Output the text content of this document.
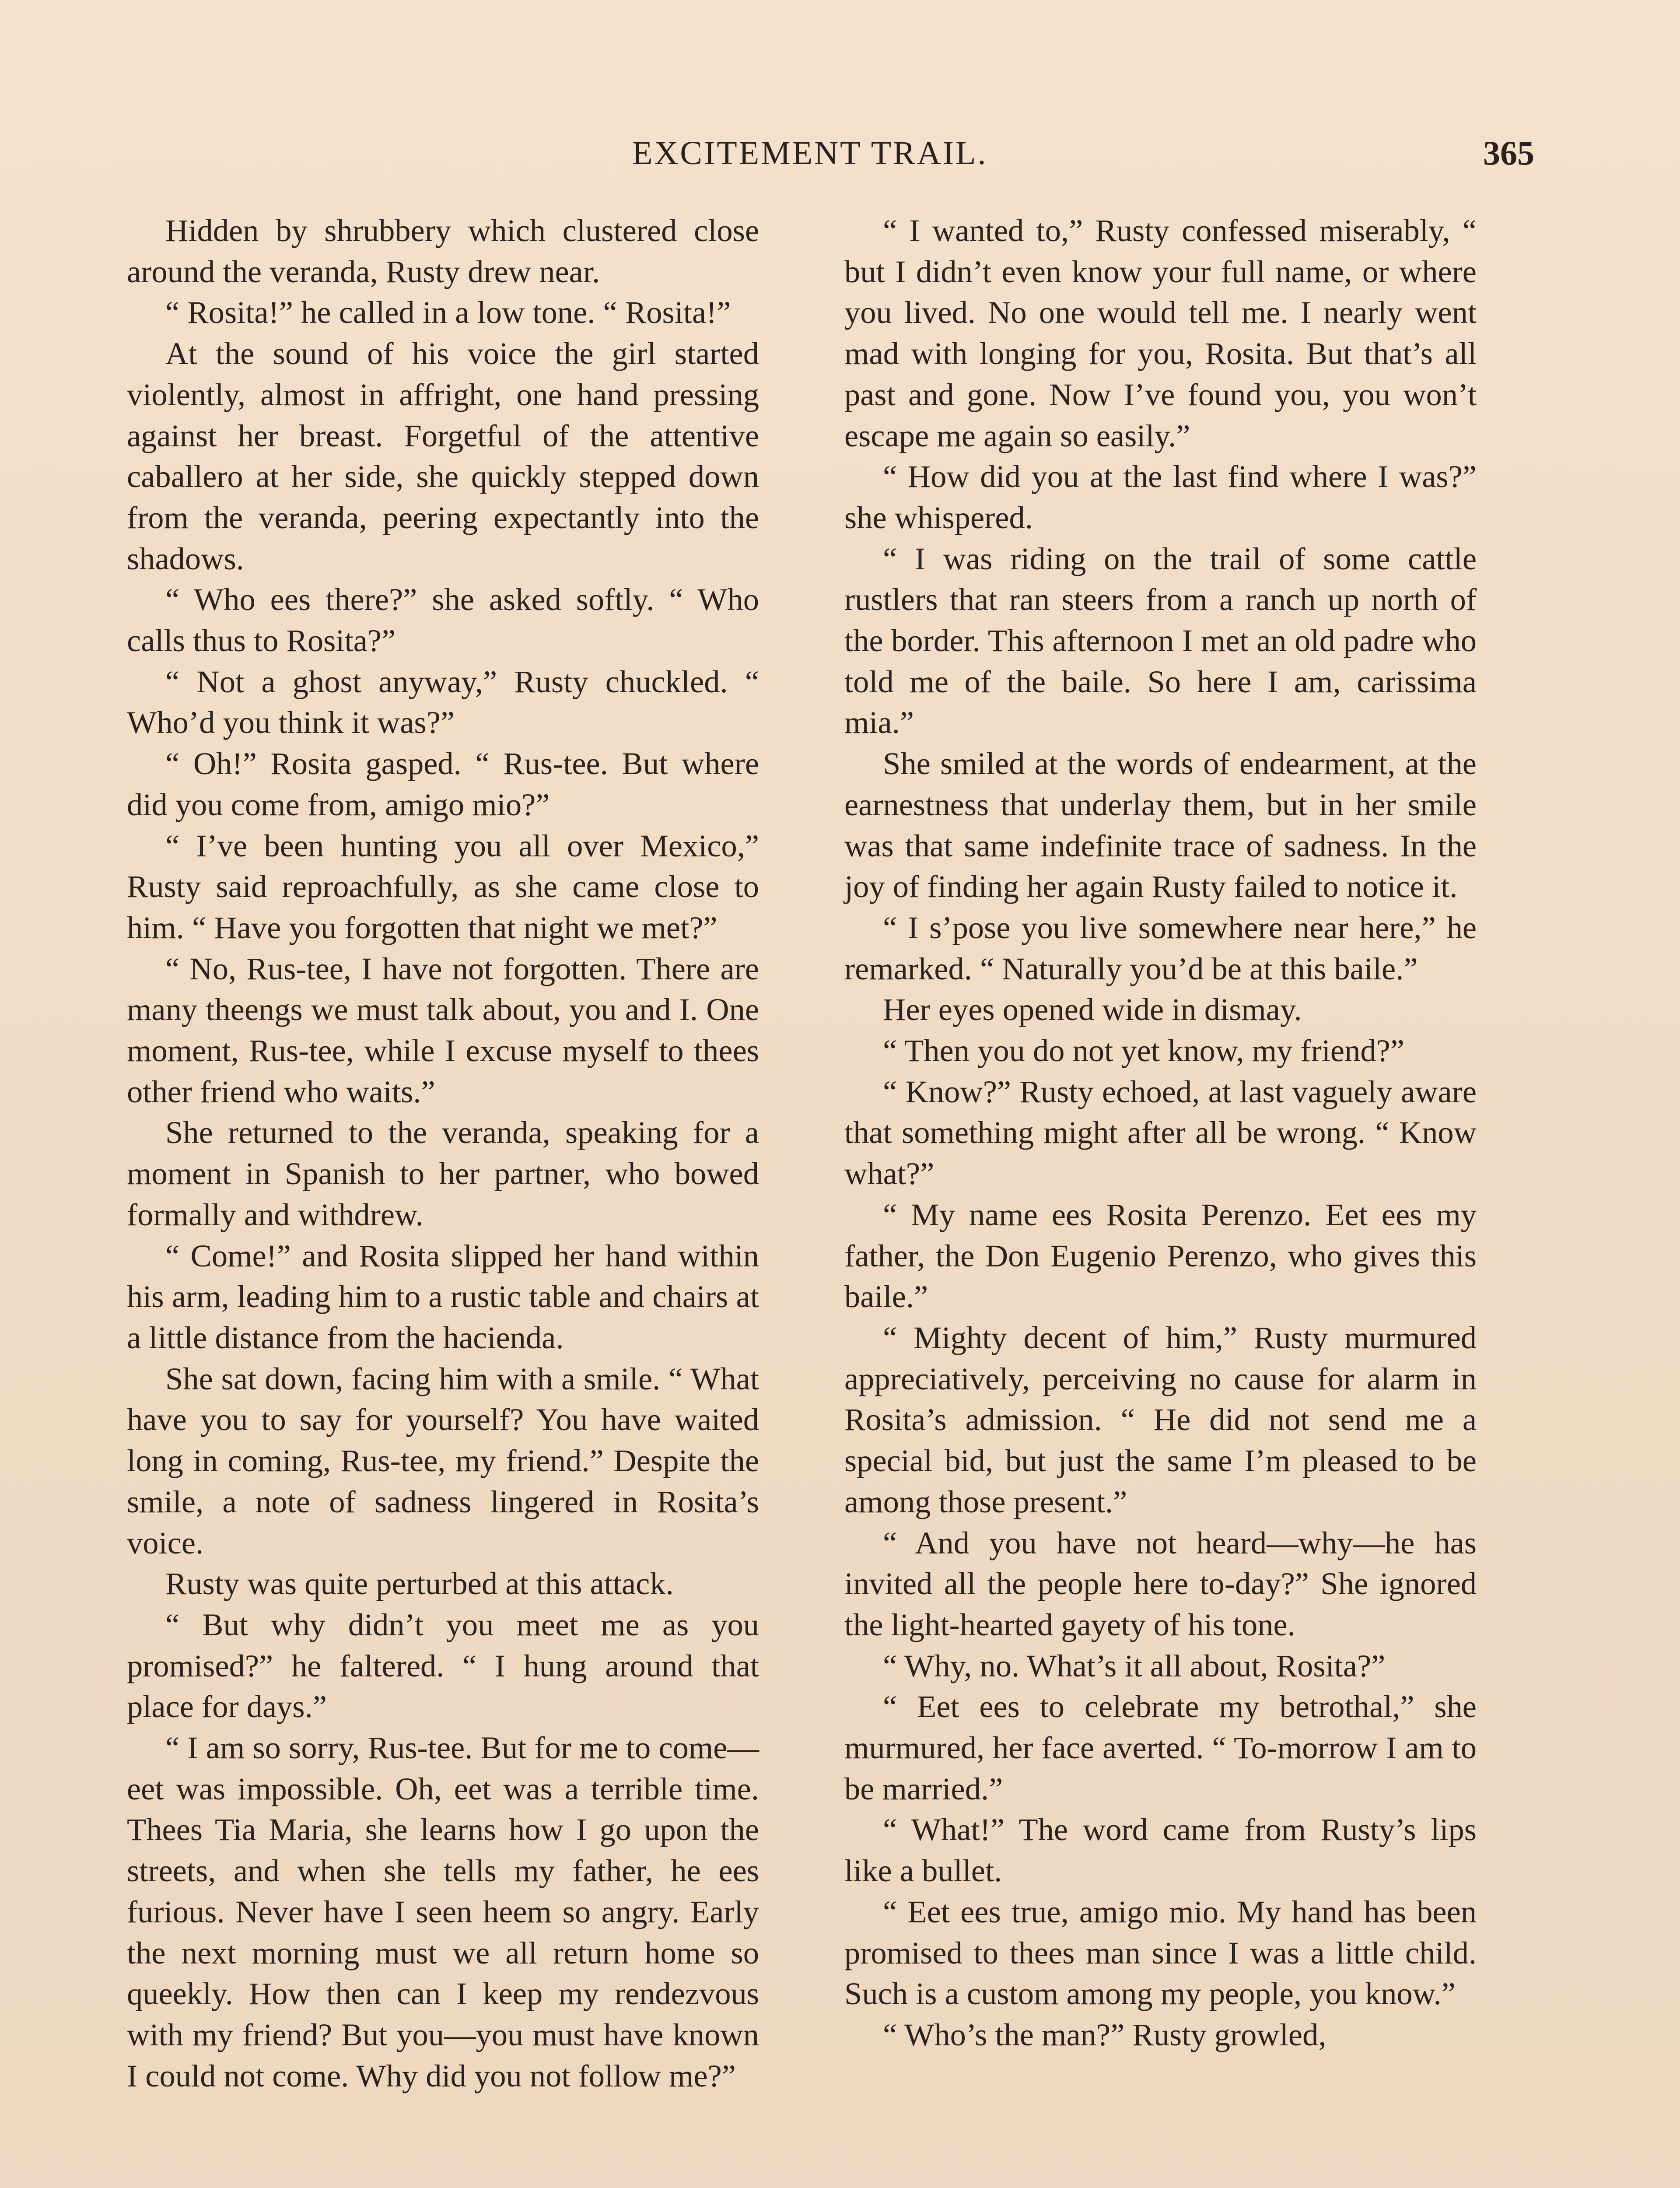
EXCITEMENT TRAIL.	365

Hidden by shrubbery which clustered close around the veranda, Rusty drew near.

“ Rosita!” he called in a low tone. “ Rosita!”

At the sound of his voice the girl started violently, almost in affright, one hand pressing against her breast. Forgetful of the attentive caballero at her side, she quickly stepped down from the veranda, peering expectantly into the shadows.

“ Who ees there?” she asked softly. “ Who calls thus to Rosita?”

“ Not a ghost anyway,” Rusty chuckled. “ Who’d you think it was?”

“ Oh!” Rosita gasped. “ Rus-tee. But where did you come from, amigo mio?”

“ I’ve been hunting you all over Mexico,” Rusty said reproachfully, as she came close to him. “ Have you forgotten that night we met?”

“ No, Rus-tee, I have not forgotten. There are many theengs we must talk about, you and I. One moment, Rus-tee, while I excuse myself to thees other friend who waits.”

She returned to the veranda, speaking for a moment in Spanish to her partner, who bowed formally and withdrew.

“ Come!” and Rosita slipped her hand within his arm, leading him to a rustic table and chairs at a little distance from the hacienda.

She sat down, facing him with a smile. “ What have you to say for yourself? You have waited long in coming, Rus-tee, my friend.” Despite the smile, a note of sadness lingered in Rosita’s voice.

Rusty was quite perturbed at this attack.

“ But why didn’t you meet me as you promised?” he faltered. “ I hung around that place for days.”

“ I am so sorry, Rus-tee. But for me to come—eet was impossible. Oh, eet was a terrible time. Thees Tia Maria, she learns how I go upon the streets, and when she tells my father, he ees furious. Never have I seen heem so angry. Early the next morning must we all return home so queekly. How then can I keep my rendezvous with my friend? But you—you must have known I could not come. Why did you not follow me?”

“ I wanted to,” Rusty confessed miserably, “ but I didn’t even know your full name, or where you lived. No one would tell me. I nearly went mad with longing for you, Rosita. But that’s all past and gone. Now I’ve found you, you won’t escape me again so easily.”

“ How did you at the last find where I was?” she whispered.

“ I was riding on the trail of some cattle rustlers that ran steers from a ranch up north of the border. This afternoon I met an old padre who told me of the baile. So here I am, carissima mia.”

She smiled at the words of endearment, at the earnestness that underlay them, but in her smile was that same indefinite trace of sadness. In the joy of finding her again Rusty failed to notice it.

“ I s’pose you live somewhere near here,” he remarked. “ Naturally you’d be at this baile.”

Her eyes opened wide in dismay.

“ Then you do not yet know, my friend?”

“ Know?” Rusty echoed, at last vaguely aware that something might after all be wrong. “ Know what?”

“ My name ees Rosita Perenzo. Eet ees my father, the Don Eugenio Perenzo, who gives this baile.”

“ Mighty decent of him,” Rusty murmured appreciatively, perceiving no cause for alarm in Rosita’s admission. “ He did not send me a special bid, but just the same I’m pleased to be among those present.”

“ And you have not heard—why—he has invited all the people here to-day?” She ignored the light-hearted gayety of his tone.

“ Why, no. What’s it all about, Rosita?”

“ Eet ees to celebrate my betrothal,” she murmured, her face averted. “ To-morrow I am to be married.”

“ What!” The word came from Rusty’s lips like a bullet.

“ Eet ees true, amigo mio. My hand has been promised to thees man since I was a little child. Such is a custom among my people, you know.”

“ Who’s the man?” Rusty growled,
